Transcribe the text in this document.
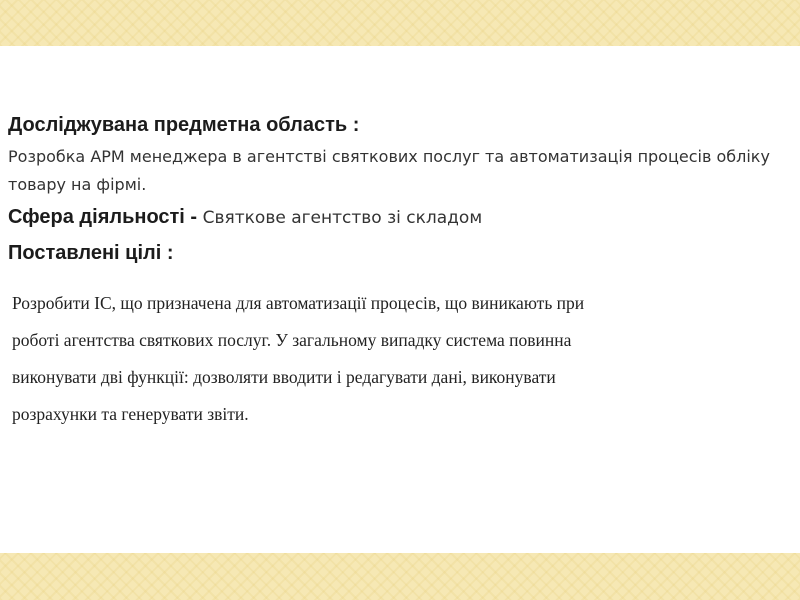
Досліджувана предметна область :

Розробка АРМ менеджера в агентстві святкових послуг та автоматизація процесів обліку товару на фірмі.

Сфера діяльності - Святкове агентство зі складом
Поставлені цілі :
Розробити ІС, що призначена для автоматизації процесів, що виникають при
роботі агентства святкових послуг. У загальному випадку система повинна
виконувати дві функції: дозволяти вводити і редагувати дані, виконувати
розрахунки та генерувати звіти.
